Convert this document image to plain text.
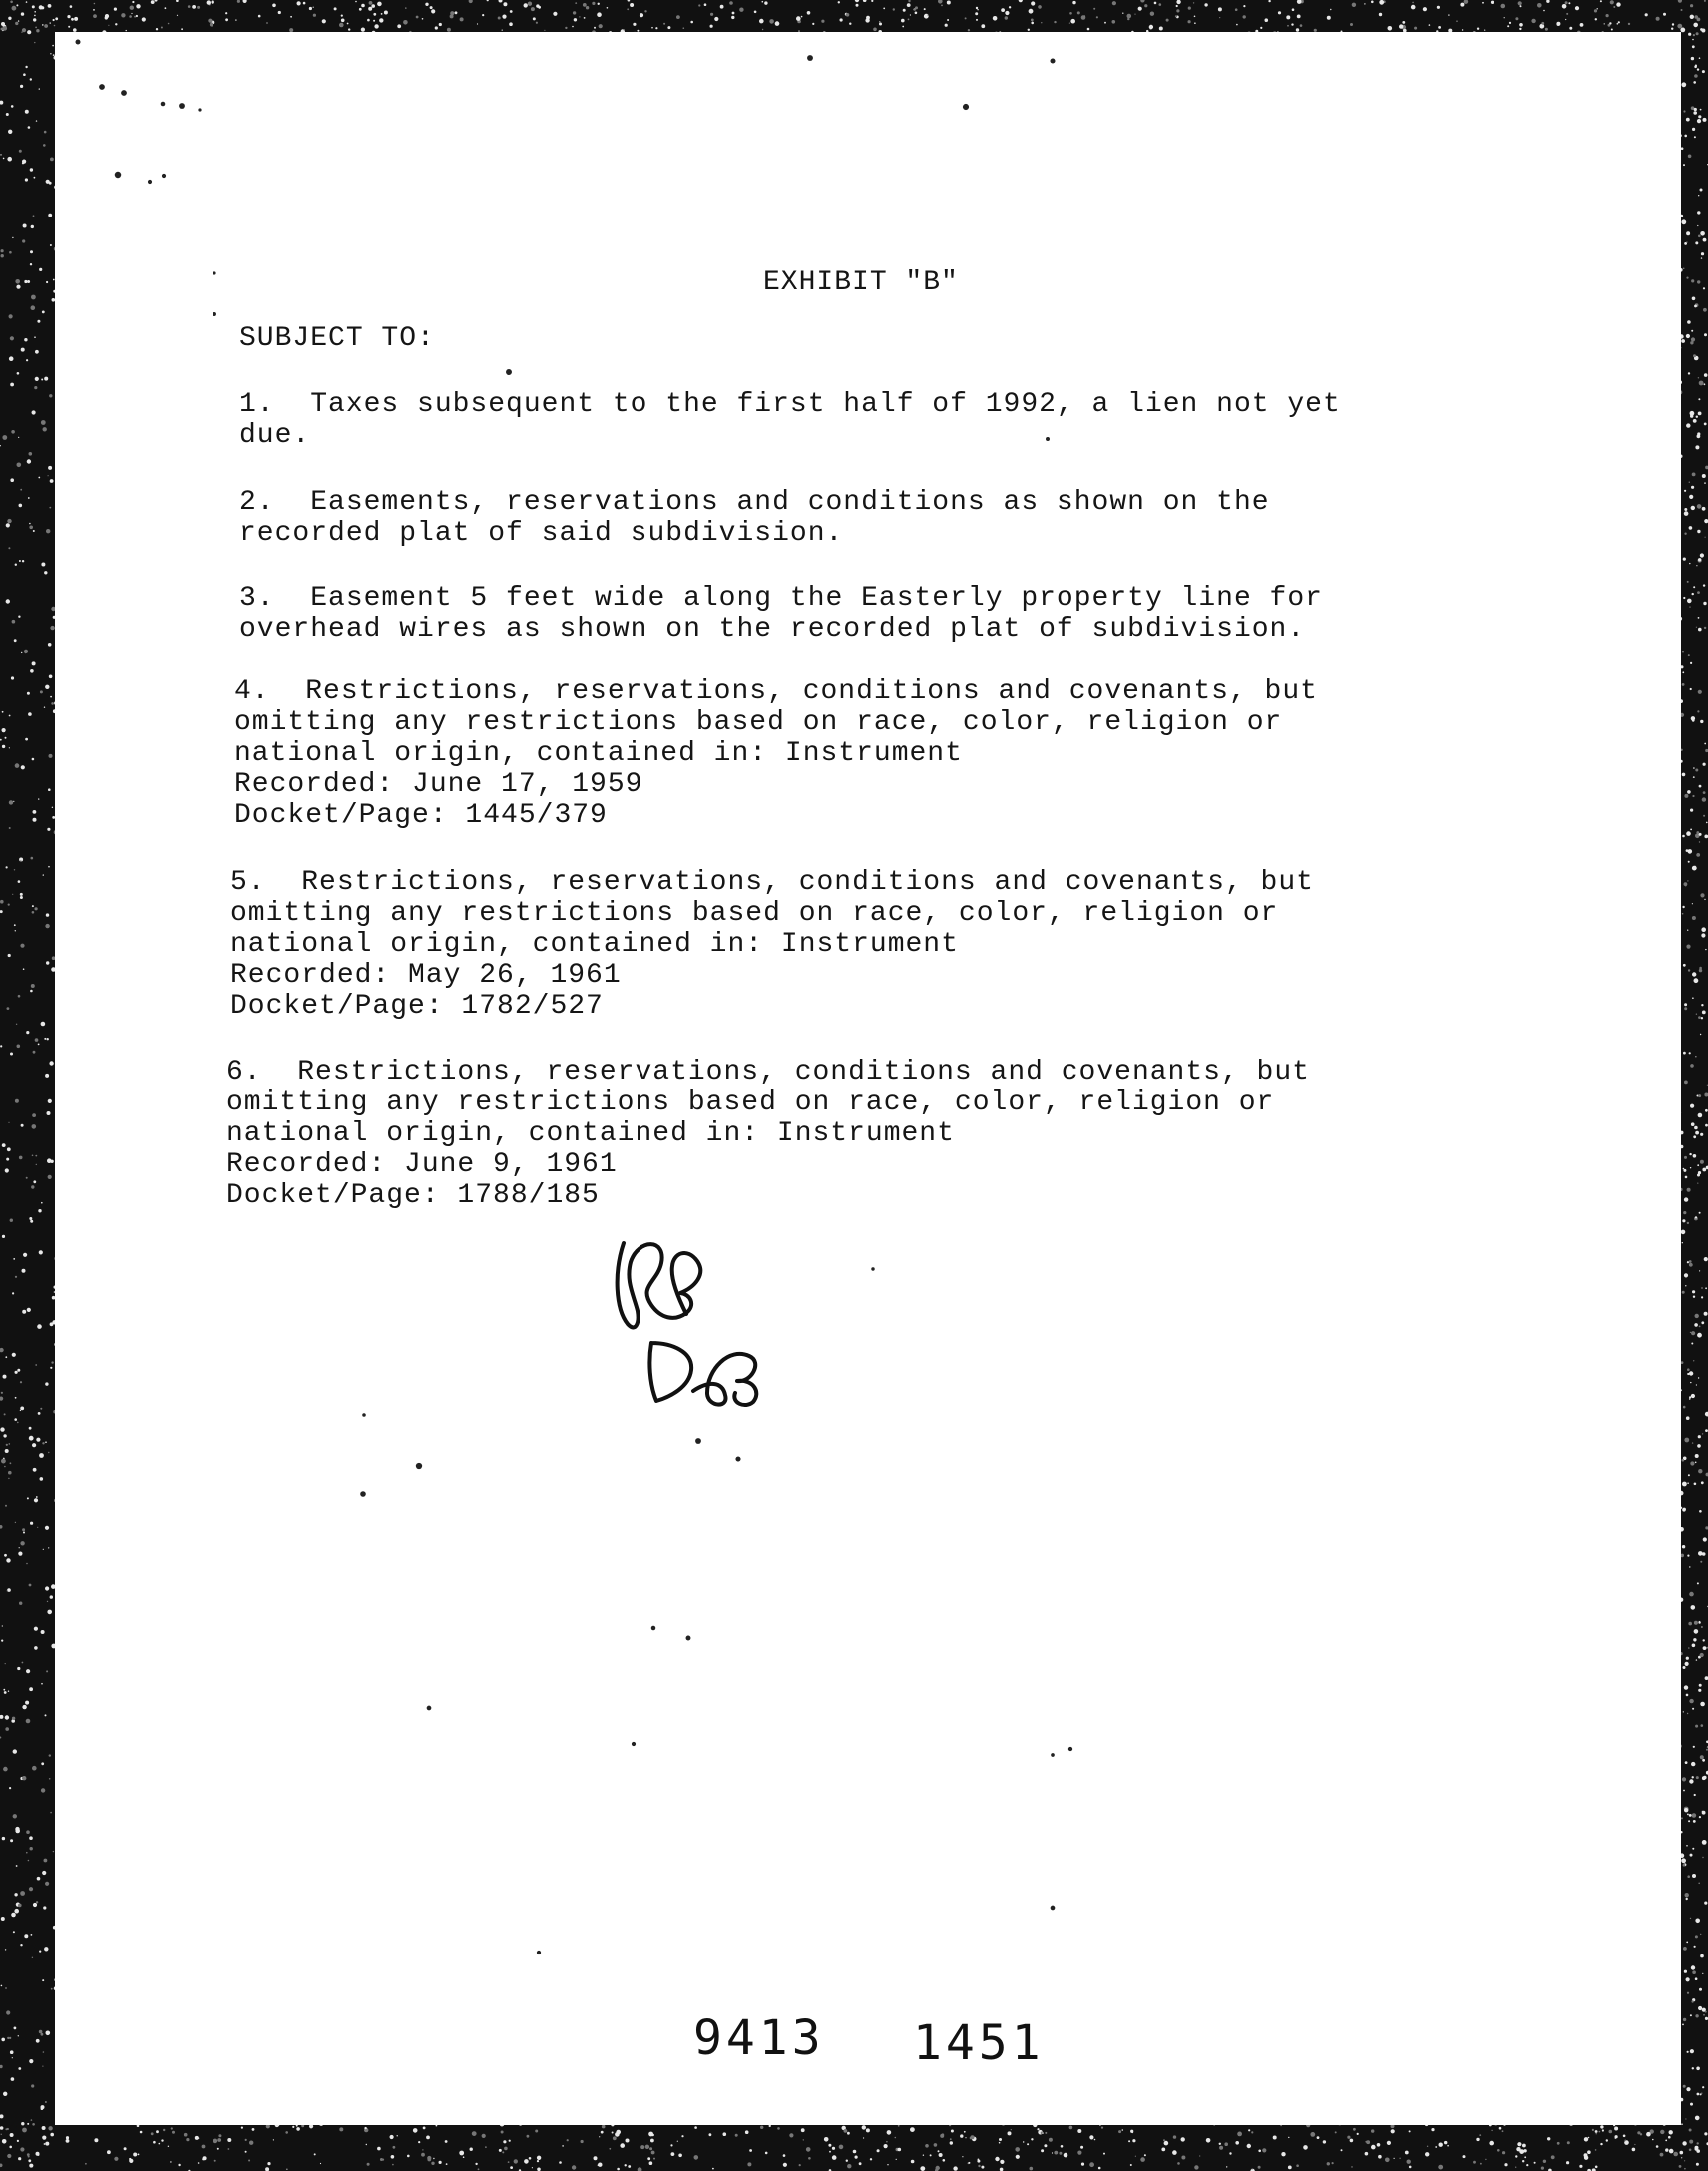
EXHIBIT "B"
SUBJECT TO:
1.  Taxes subsequent to the first half of 1992, a lien not yet
due.
2.  Easements, reservations and conditions as shown on the
recorded plat of said subdivision.
3.  Easement 5 feet wide along the Easterly property line for
overhead wires as shown on the recorded plat of subdivision.
4.  Restrictions, reservations, conditions and covenants, but
omitting any restrictions based on race, color, religion or
national origin, contained in: Instrument
Recorded: June 17, 1959
Docket/Page: 1445/379
5.  Restrictions, reservations, conditions and covenants, but
omitting any restrictions based on race, color, religion or
national origin, contained in: Instrument
Recorded: May 26, 1961
Docket/Page: 1782/527
6.  Restrictions, reservations, conditions and covenants, but
omitting any restrictions based on race, color, religion or
national origin, contained in: Instrument
Recorded: June 9, 1961
Docket/Page: 1788/185
9413 1451
